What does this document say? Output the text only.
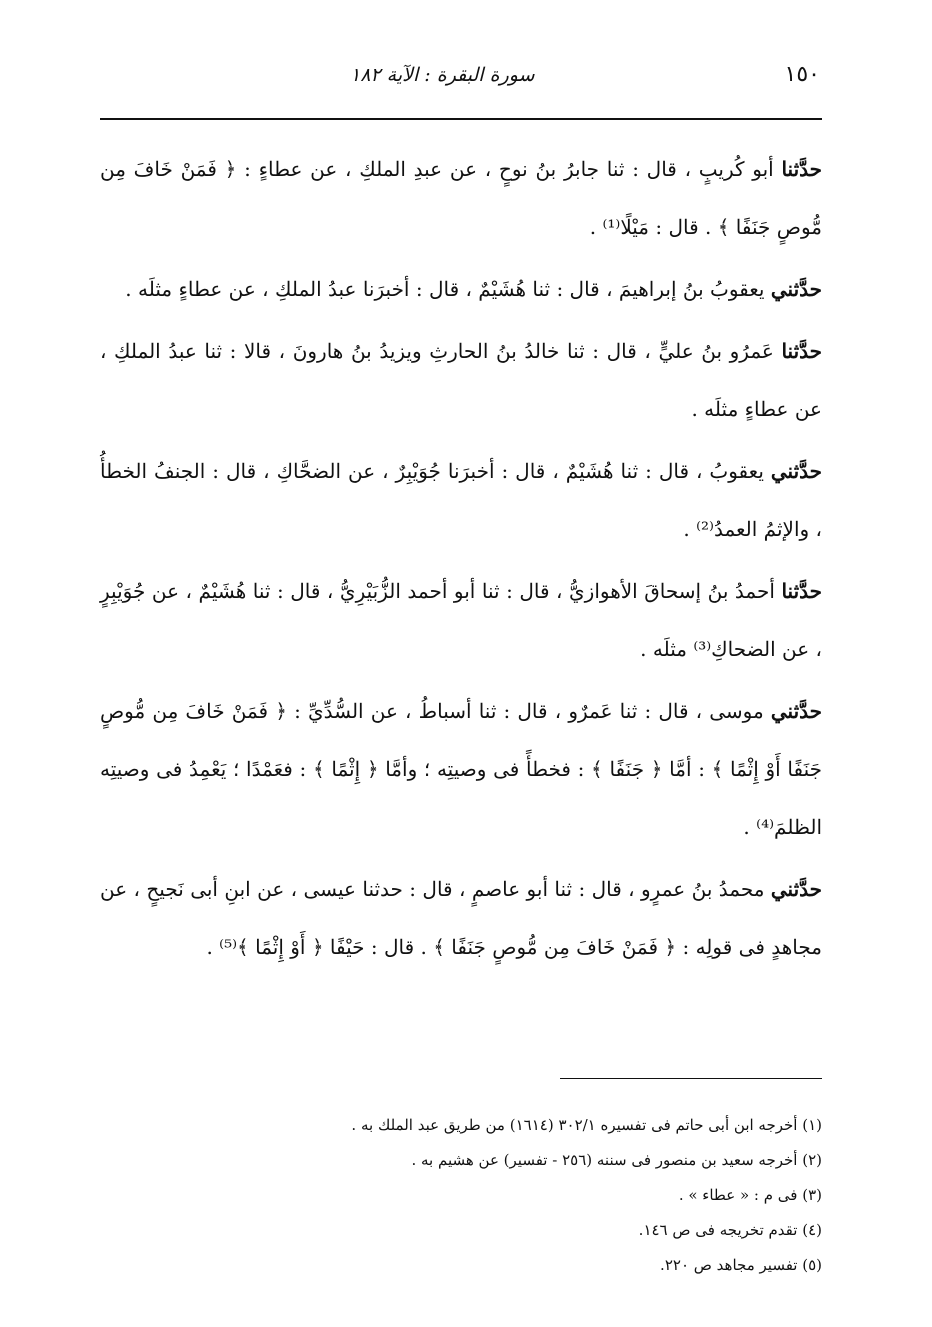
١٥٠
سورة البقرة : الآية ١٨٢

حدَّثنا أبو كُريبٍ ، قال : ثنا جابرُ بنُ نوحٍ ، عن عبدِ الملكِ ، عن عطاءٍ : ﴿ فَمَنْ خَافَ مِن مُّوصٍ جَنَفًا ﴾ . قال : مَيْلًا⁽¹⁾ .

حدَّثني يعقوبُ بنُ إبراهيمَ ، قال : ثنا هُشَيْمٌ ، قال : أخبرَنا عبدُ الملكِ ، عن عطاءٍ مثلَه .

حدَّثنا عَمرُو بنُ عليٍّ ، قال : ثنا خالدُ بنُ الحارثِ ويزيدُ بنُ هارونَ ، قالا : ثنا عبدُ الملكِ ، عن عطاءٍ مثلَه .

حدَّثني يعقوبُ ، قال : ثنا هُشَيْمٌ ، قال : أخبرَنا جُوَيْبِرٌ ، عن الضحَّاكِ ، قال : الجنفُ الخطأُ ، والإثمُ العمدُ⁽²⁾ .

حدَّثنا أحمدُ بنُ إسحاقَ الأهوازيُّ ، قال : ثنا أبو أحمد الزُّبَيْرِيُّ ، قال : ثنا هُشَيْمٌ ، عن جُوَيْبِرٍ ، عن الضحاكِ⁽³⁾ مثلَه .

حدَّثني موسى ، قال : ثنا عَمرٌو ، قال : ثنا أسباطُ ، عن السُّدِّيِّ : ﴿ فَمَنْ خَافَ مِن مُّوصٍ جَنَفًا أَوْ إِثْمًا ﴾ : أمَّا ﴿ جَنَفًا ﴾ : فخطأً فى وصيتِه ؛ وأمَّا ﴿ إِثْمًا ﴾ : فعَمْدًا ؛ يَعْمِدُ فى وصيتِه الظلمَ⁽⁴⁾ .

حدَّثني محمدُ بنُ عمرٍو ، قال : ثنا أبو عاصمٍ ، قال : حدثنا عيسى ، عن ابنِ أبى نَجيحٍ ، عن مجاهدٍ فى قولِه : ﴿ فَمَنْ خَافَ مِن مُّوصٍ جَنَفًا ﴾ . قال : حَيْفًا ﴿ أَوْ إِثْمًا ﴾⁽⁵⁾ .

(١) أخرجه ابن أبى حاتم فى تفسيره ٣٠٢/١ (١٦١٤) من طريق عبد الملك به .

(٢) أخرجه سعيد بن منصور فى سننه (٢٥٦ - تفسير) عن هشيم به .

(٣) فى م : « عطاء » .

(٤) تقدم تخريجه فى ص ١٤٦.

(٥) تفسير مجاهد ص ٢٢٠.
